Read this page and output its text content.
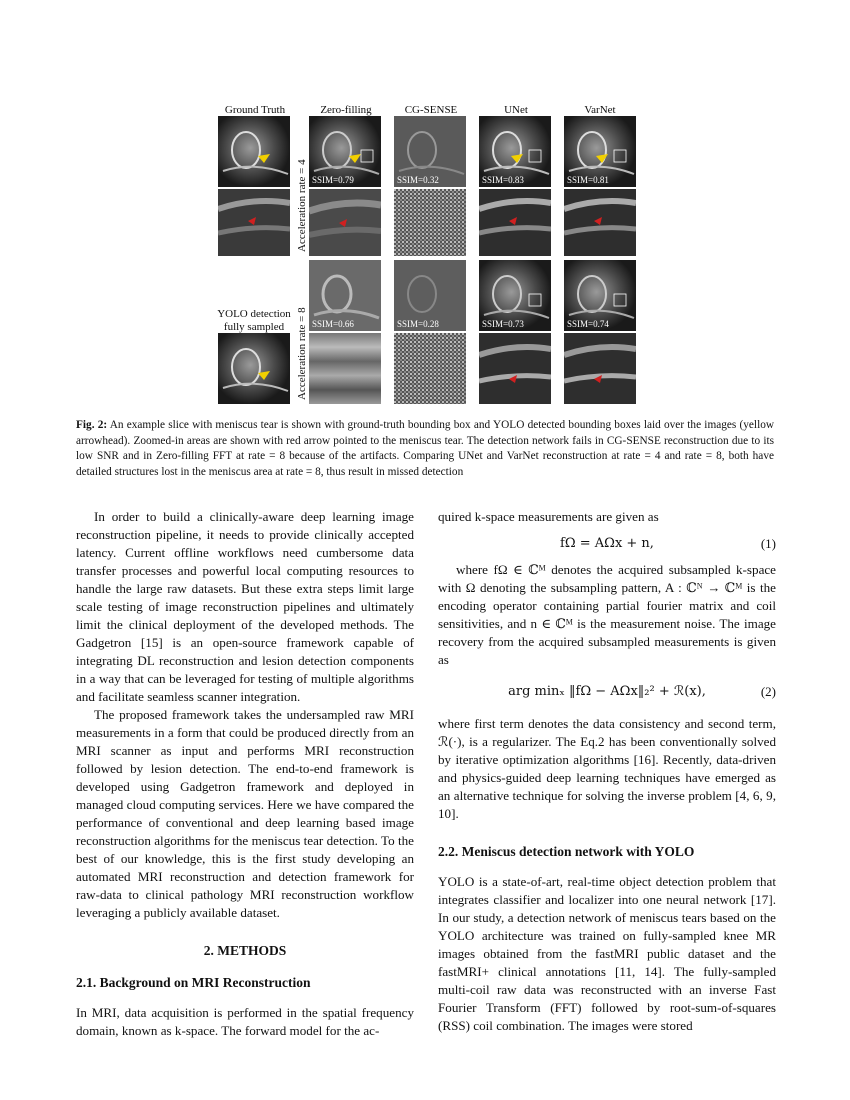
Ground Truth	Zero-filling	CG-SENSE	UNet	VarNet
Acceleration rate = 4
Acceleration rate = 8
SSIM=0.79	SSIM=0.32	SSIM=0.83	SSIM=0.81
YOLO detection
fully sampled	SSIM=0.66	SSIM=0.28	SSIM=0.73	SSIM=0.74
Fig. 2: An example slice with meniscus tear is shown with ground-truth bounding box and YOLO detected bounding boxes laid over the images (yellow arrowhead). Zoomed-in areas are shown with red arrow pointed to the meniscus tear. The detection network fails in CG-SENSE reconstruction due to its low SNR and in Zero-filling FFT at rate = 8 because of the artifacts. Comparing UNet and VarNet reconstruction at rate = 4 and rate = 8, both have detailed structures lost in the meniscus area at rate = 8, thus result in missed detection

In order to build a clinically-aware deep learning image reconstruction pipeline, it needs to provide clinically accepted latency. Current offline workflows need cumbersome data transfer processes and powerful local computing resources to handle the large raw datasets. But these extra steps limit large scale testing of image reconstruction pipelines and ultimately limit the clinical deployment of the developed methods. The Gadgetron [15] is an open-source framework capable of integrating DL reconstruction and lesion detection components in a way that can be leveraged for testing of multiple algorithms and facilitate seamless scanner integration.

The proposed framework takes the undersampled raw MRI measurements in a form that could be produced directly from an MRI scanner as input and performs MRI reconstruction followed by lesion detection. The end-to-end framework is developed using Gadgetron framework and deployed in managed cloud computing services. Here we have compared the performance of conventional and deep learning based image reconstruction algorithms for the meniscus tear detection. To the best of our knowledge, this is the first study developing an automated MRI reconstruction and detection framework for raw-data to clinical pathology MRI reconstruction workflow leveraging a publicly available dataset.

2. METHODS
2.1. Background on MRI Reconstruction

In MRI, data acquisition is performed in the spatial frequency domain, known as k-space. The forward model for the ac-

quired k-space measurements are given as

fΩ = AΩx + n,	(1)

where fΩ ∈ ℂᴹ denotes the acquired subsampled k-space with Ω denoting the subsampling pattern, A : ℂᴺ → ℂᴹ is the encoding operator containing partial fourier matrix and coil sensitivities, and n ∈ ℂᴹ is the measurement noise. The image recovery from the acquired subsampled measurements is given as

arg minₓ ‖fΩ − AΩx‖₂² + ℛ(x),	(2)

where first term denotes the data consistency and second term, ℛ(·), is a regularizer. The Eq.2 has been conventionally solved by iterative optimization algorithms [16]. Recently, data-driven and physics-guided deep learning techniques have emerged as an alternative technique for solving the inverse problem [4, 6, 9, 10].

2.2. Meniscus detection network with YOLO

YOLO is a state-of-art, real-time object detection problem that integrates classifier and localizer into one neural network [17]. In our study, a detection network of meniscus tears based on the YOLO architecture was trained on fully-sampled knee MR images obtained from the fastMRI public dataset and the fastMRI+ clinical annotations [11, 14]. The fully-sampled multi-coil raw data was reconstructed with an inverse Fast Fourier Transform (FFT) followed by root-sum-of-squares (RSS) coil combination. The images were stored
